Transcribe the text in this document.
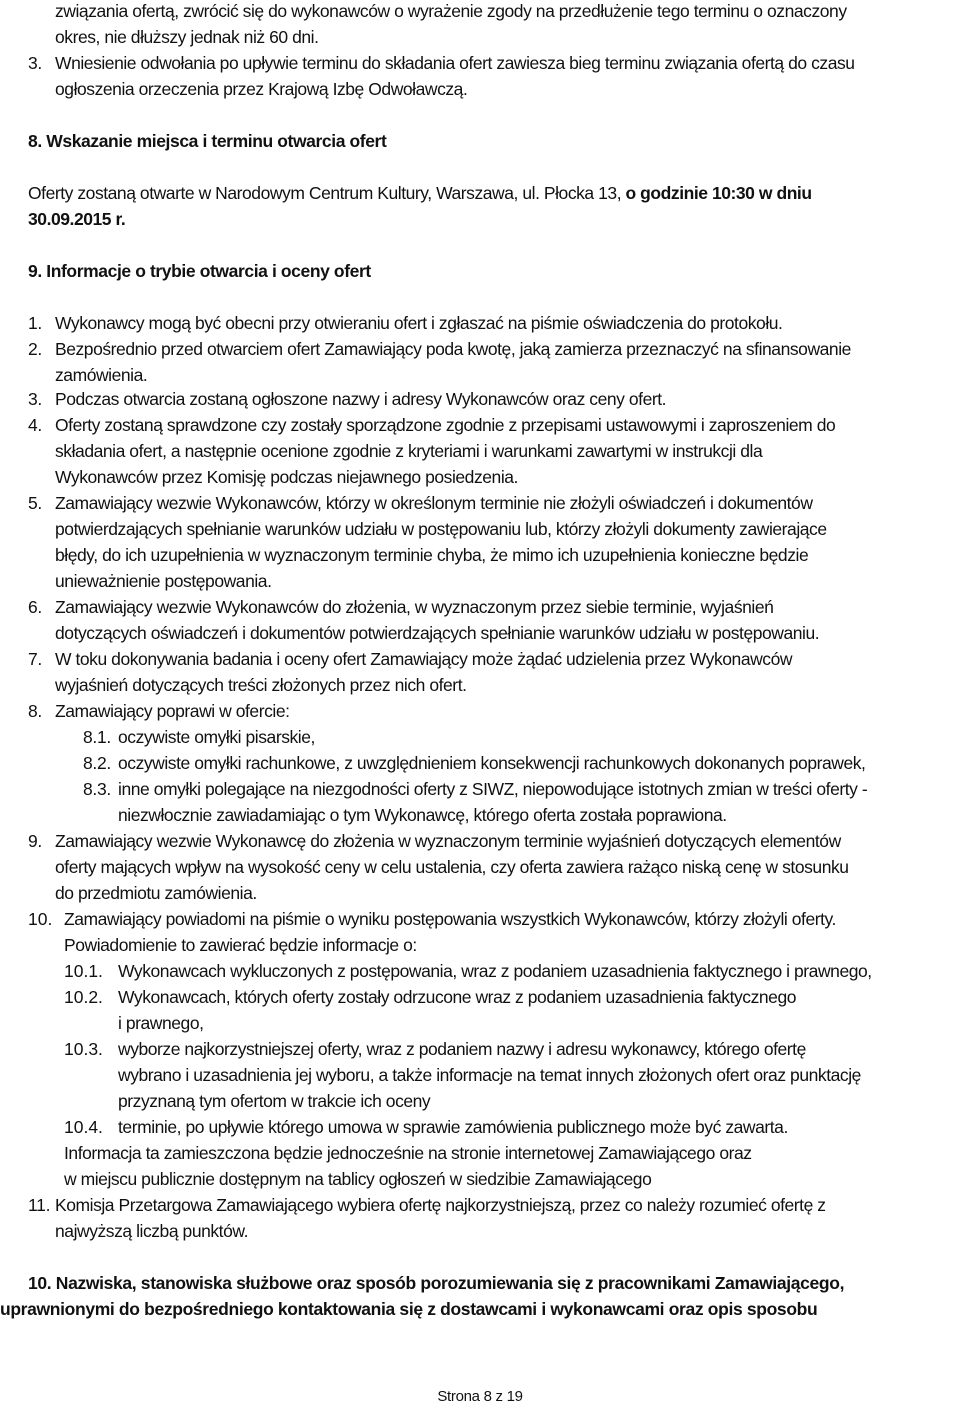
związania ofertą, zwrócić się do wykonawców o wyrażenie zgody na przedłużenie tego terminu o oznaczony
okres, nie dłuższy jednak niż 60 dni.
3. Wniesienie odwołania po upływie terminu do składania ofert zawiesza bieg terminu związania ofertą do czasu
ogłoszenia orzeczenia przez Krajową Izbę Odwoławczą.
8. Wskazanie miejsca i terminu otwarcia ofert
Oferty zostaną otwarte w Narodowym Centrum Kultury, Warszawa, ul. Płocka 13, o godzinie 10:30 w dniu
30.09.2015 r.
9. Informacje o trybie otwarcia i oceny ofert
1. Wykonawcy mogą być obecni przy otwieraniu ofert i zgłaszać na piśmie oświadczenia do protokołu.
2. Bezpośrednio przed otwarciem ofert Zamawiający poda kwotę, jaką zamierza przeznaczyć na sfinansowanie
zamówienia.
3. Podczas otwarcia zostaną ogłoszone nazwy i adresy Wykonawców oraz ceny ofert.
4. Oferty zostaną sprawdzone czy zostały sporządzone zgodnie z przepisami ustawowymi i zaproszeniem do
składania ofert, a następnie ocenione zgodnie z kryteriami i warunkami zawartymi w instrukcji dla
Wykonawców przez Komisję podczas niejawnego posiedzenia.
5. Zamawiający wezwie Wykonawców, którzy w określonym terminie nie złożyli oświadczeń i dokumentów
potwierdzających spełnianie warunków udziału w postępowaniu lub, którzy złożyli dokumenty zawierające
błędy, do ich uzupełnienia w wyznaczonym terminie chyba, że mimo ich uzupełnienia konieczne będzie
unieważnienie postępowania.
6. Zamawiający wezwie Wykonawców do złożenia, w wyznaczonym przez siebie terminie, wyjaśnień
dotyczących oświadczeń i dokumentów potwierdzających spełnianie warunków udziału w postępowaniu.
7. W toku dokonywania badania i oceny ofert Zamawiający może żądać udzielenia przez Wykonawców
wyjaśnień dotyczących treści złożonych przez nich ofert.
8. Zamawiający poprawi w ofercie:
8.1. oczywiste omyłki pisarskie,
8.2. oczywiste omyłki rachunkowe, z uwzględnieniem konsekwencji rachunkowych dokonanych poprawek,
8.3. inne omyłki polegające na niezgodności oferty z SIWZ, niepowodujące istotnych zmian w treści oferty -
niezwłocznie zawiadamiając o tym Wykonawcę, którego oferta została poprawiona.
9. Zamawiający wezwie Wykonawcę do złożenia w wyznaczonym terminie wyjaśnień dotyczących elementów
oferty mających wpływ na wysokość ceny w celu ustalenia, czy oferta zawiera rażąco niską cenę w stosunku
do przedmiotu zamówienia.
10. Zamawiający powiadomi na piśmie o wyniku postępowania wszystkich Wykonawców, którzy złożyli oferty.
Powiadomienie to zawierać będzie informacje o:
10.1. Wykonawcach wykluczonych z postępowania, wraz z podaniem uzasadnienia faktycznego i prawnego,
10.2. Wykonawcach, których oferty zostały odrzucone wraz z podaniem uzasadnienia faktycznego
i prawnego,
10.3. wyborze najkorzystniejszej oferty, wraz z podaniem nazwy i adresu wykonawcy, którego ofertę
wybrano i uzasadnienia jej wyboru, a także informacje na temat innych złożonych ofert oraz punktację
przyznaną tym ofertom w trakcie ich oceny
10.4. terminie, po upływie którego umowa w sprawie zamówienia publicznego może być zawarta.
Informacja ta zamieszczona będzie jednocześnie na stronie internetowej Zamawiającego oraz
w miejscu publicznie dostępnym na tablicy ogłoszeń w siedzibie Zamawiającego
11. Komisja Przetargowa Zamawiającego wybiera ofertę najkorzystniejszą, przez co należy rozumieć ofertę z
najwyższą liczbą punktów.
10. Nazwiska, stanowiska służbowe oraz sposób porozumiewania się z pracownikami Zamawiającego,
uprawnionymi do bezpośredniego kontaktowania się z dostawcami i wykonawcami oraz opis sposobu
Strona 8 z 19
